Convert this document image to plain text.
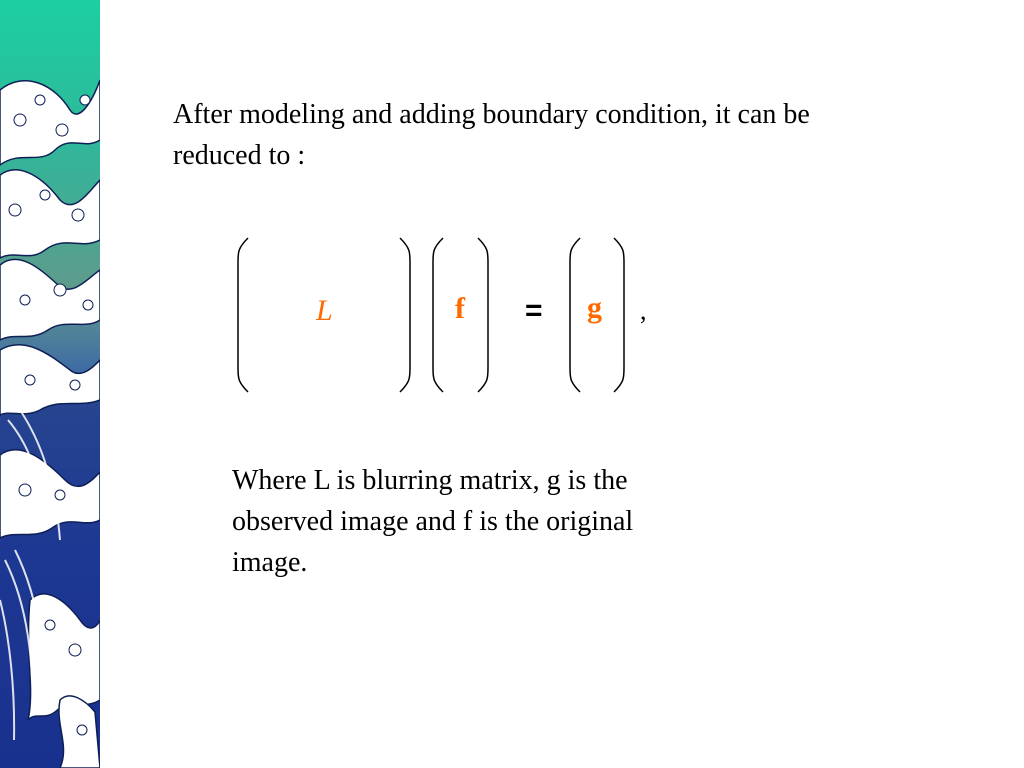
After modeling and adding boundary condition, it can be
reduced to :
L	f = g ,
Where L is blurring matrix, g is the
observed image and f is the original
image.
